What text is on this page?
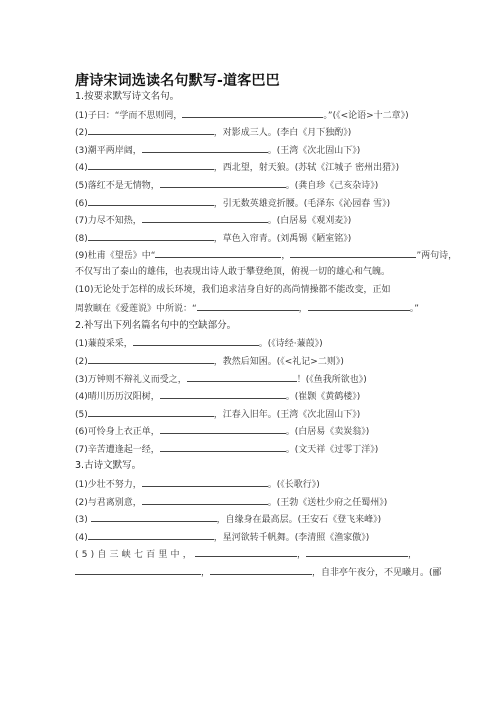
唐诗宋词选读名句默写-道客巴巴
1.按要求默写诗文名句。
(1)子曰：“学而不思则罔，	。”(《<论语>十二章》)
(2)	，对影成三人。(李白《月下独酌》)
(3)潮平两岸阔，	。(王湾《次北固山下》)
(4)	，西北望，射天狼。(苏轼《江城子 密州出猎》)
(5)落红不是无情物，	。(龚自珍《己亥杂诗》)
(6)	，引无数英雄竞折腰。(毛泽东《沁园春 雪》)
(7)力尽不知热，	。(白居易《观刈麦》)
(8)	，草色入帘青。(刘禹锡《陋室铭》)
(9)杜甫《望岳》中“	，	”两句诗，
不仅写出了泰山的雄伟，也表现出诗人敢于攀登绝顶，俯视一切的雄心和气魄。
(10)无论处于怎样的成长环境，我们追求洁身自好的高尚情操都不能改变，正如
周敦颐在《爱莲说》中所说：“	，	。”
2.补写出下列名篇名句中的空缺部分。
(1)蒹葭采采，	。(《诗经·蒹葭》)
(2)	，教然后知困。(《<礼记>二则》)
(3)万钟则不辩礼义而受之，	！(《鱼我所欲也》)
(4)晴川历历汉阳树，	。(崔颢《黄鹤楼》)
(5)	，江春入旧年。(王湾《次北固山下》)
(6)可怜身上衣正单，	。(白居易《卖炭翁》)
(7)辛苦遭逢起一经，	。(文天祥《过零丁洋》)
3.古诗文默写。
(1)少壮不努力，	。(《长歌行》)
(2)与君离别意，	。(王勃《送杜少府之任蜀州》)
(3)	，自缘身在最高层。(王安石《登飞来峰》)
(4)	，星河欲转千帆舞。(李清照《渔家傲》)
(5)自三峡七百里中，	，	，
，	，自非亭午夜分，不见曦月。(郦
